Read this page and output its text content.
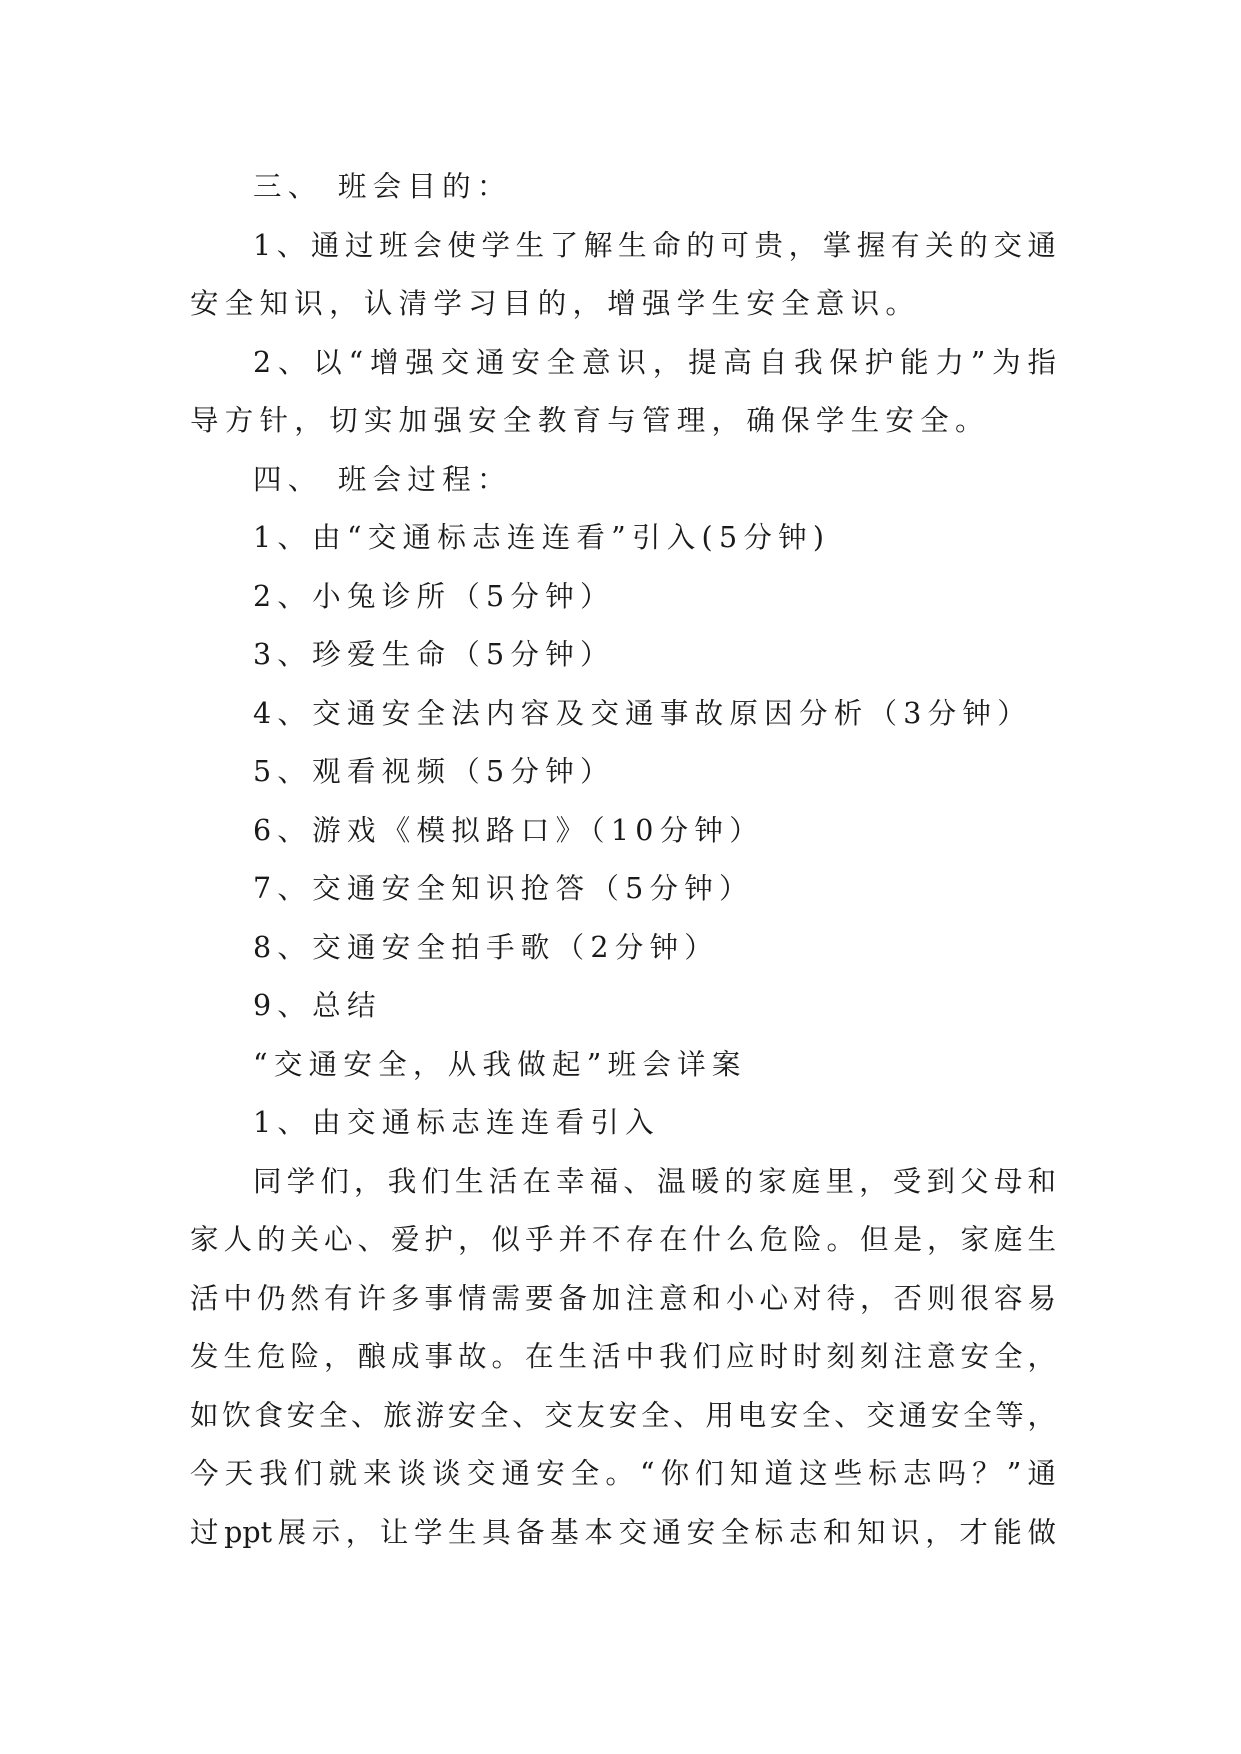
三、 班会目的：
1、通过班会使学生了解生命的可贵，掌握有关的交通
安全知识，认清学习目的，增强学生安全意识。
2、以“增强交通安全意识，提高自我保护能力”为指
导方针，切实加强安全教育与管理，确保学生安全。
四、 班会过程：
1、由“交通标志连连看”引入(5分钟)
2、小兔诊所（5分钟）
3、珍爱生命（5分钟）
4、交通安全法内容及交通事故原因分析（3分钟）
5、观看视频（5分钟）
6、游戏《模拟路口》（10分钟）
7、交通安全知识抢答（5分钟）
8、交通安全拍手歌（2分钟）
9、总结
“交通安全，从我做起”班会详案
1、由交通标志连连看引入
同学们，我们生活在幸福、温暖的家庭里，受到父母和
家人的关心、爱护，似乎并不存在什么危险。但是，家庭生
活中仍然有许多事情需要备加注意和小心对待，否则很容易
发生危险，酿成事故。在生活中我们应时时刻刻注意安全，
如饮食安全、旅游安全、交友安全、用电安全、交通安全等，
今天我们就来谈谈交通安全。“你们知道这些标志吗？”通
过ppt展示，让学生具备基本交通安全标志和知识，才能做
